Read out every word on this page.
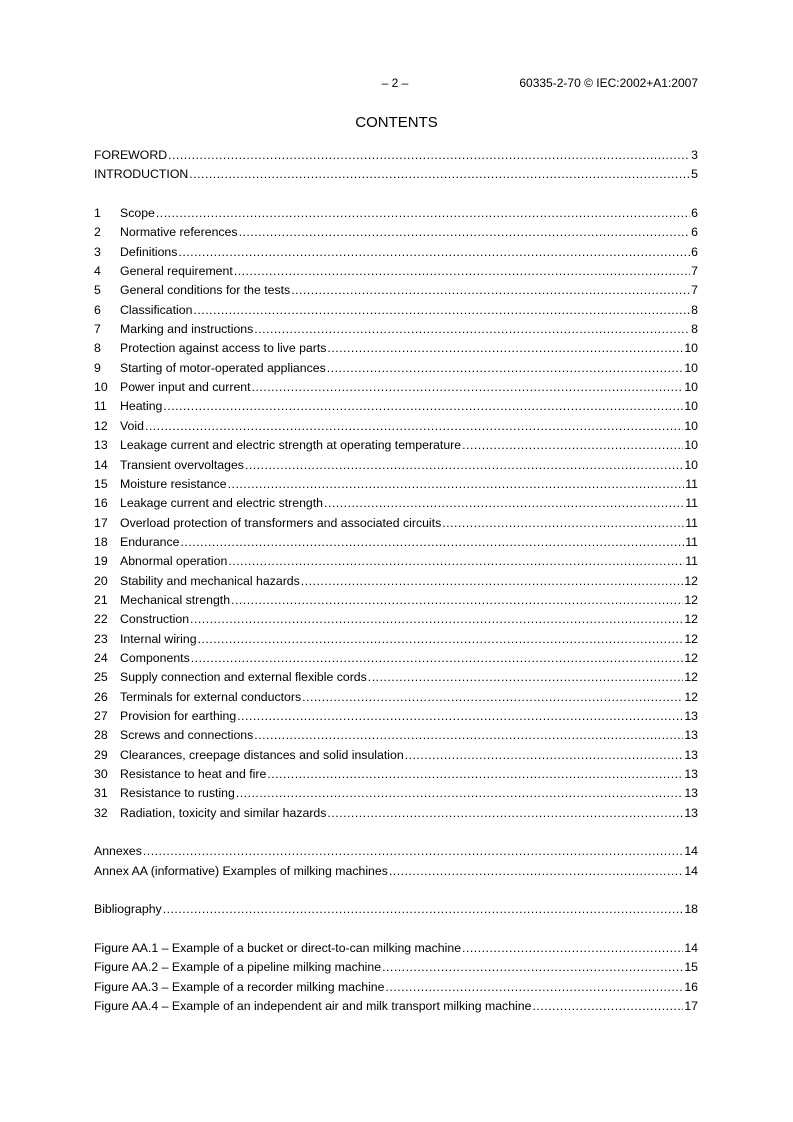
– 2 –	60335-2-70 © IEC:2002+A1:2007
CONTENTS
FOREWORD .....	3
INTRODUCTION .....	5
1	Scope .....	6
2	Normative references .....	6
3	Definitions .....	6
4	General requirement .....	7
5	General conditions for the tests .....	7
6	Classification .....	8
7	Marking and instructions .....	8
8	Protection against access to live parts .....	10
9	Starting of motor-operated appliances .....	10
10	Power input and current .....	10
11	Heating .....	10
12	Void .....	10
13	Leakage current and electric strength at operating temperature .....	10
14	Transient overvoltages .....	10
15	Moisture resistance .....	11
16	Leakage current and electric strength .....	11
17	Overload protection of transformers and associated circuits .....	11
18	Endurance .....	11
19	Abnormal operation .....	11
20	Stability and mechanical hazards .....	12
21	Mechanical strength .....	12
22	Construction .....	12
23	Internal wiring .....	12
24	Components .....	12
25	Supply connection and external flexible cords .....	12
26	Terminals for external conductors .....	12
27	Provision for earthing .....	13
28	Screws and connections .....	13
29	Clearances, creepage distances and solid insulation .....	13
30	Resistance to heat and fire .....	13
31	Resistance to rusting .....	13
32	Radiation, toxicity and similar hazards .....	13
Annexes .....	14
Annex AA (informative) Examples of milking machines .....	14
Bibliography .....	18
Figure AA.1 – Example of a bucket or direct-to-can milking machine .....	14
Figure AA.2 – Example of a pipeline milking machine .....	15
Figure AA.3 – Example of a recorder milking machine .....	16
Figure AA.4 – Example of an independent air and milk transport milking machine .....	17
